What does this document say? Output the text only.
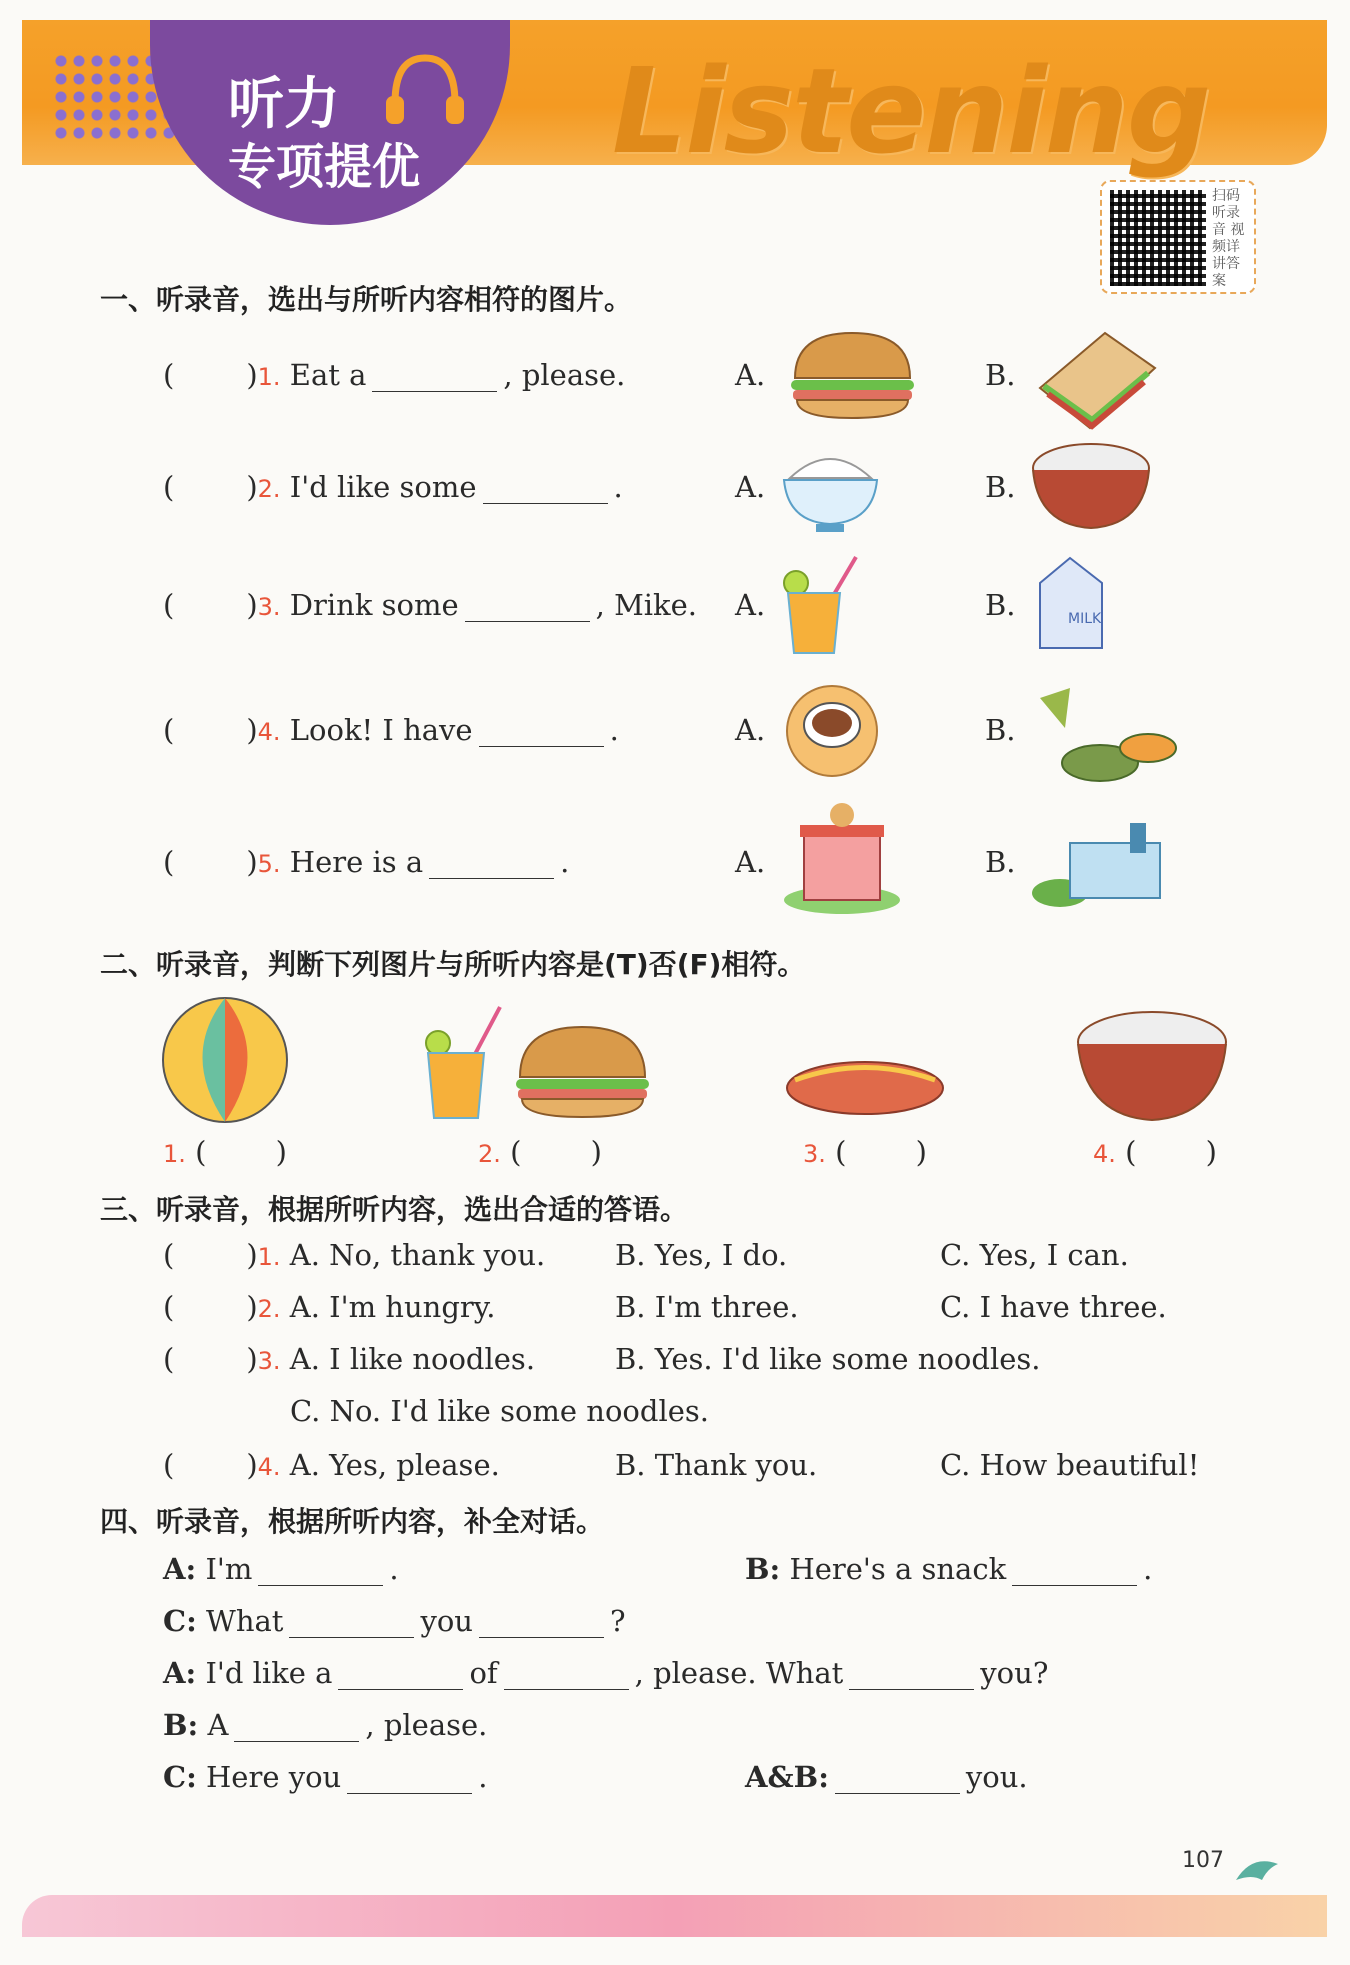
Listening
听力
专项提优
扫码听录音 视频详讲答案
一、听录音，选出与所听内容相符的图片。
( )1. Eat a	, please.	A.	B.
( )2. I'd like some	.	A.	B.
( )3. Drink some	, Mike. A.	B.
( )4. Look! I have	.	A.	B.
( )5. Here is a	.	A.	B.
MILK
二、听录音，判断下列图片与所听内容是(T)否(F)相符。
1. ( )	2. ( )	3. ( )	4. ( )
三、听录音，根据所听内容，选出合适的答语。
( )1. A. No, thank you. B. Yes, I do.	C. Yes, I can.
( )2. A. I'm hungry.	B. I'm three.	C. I have three.
( )3. A. I like noodles.	B. Yes. I'd like some noodles.
C. No. I'd like some noodles.
( )4. A. Yes, please.	B. Thank you.	C. How beautiful!
四、听录音，根据所听内容，补全对话。
A: I'm	.	B: Here's a snack	.
C: What	you	?
A: I'd like a	of	, please. What	you?
B: A	, please.
C: Here you	.	A&B:	you.
107
